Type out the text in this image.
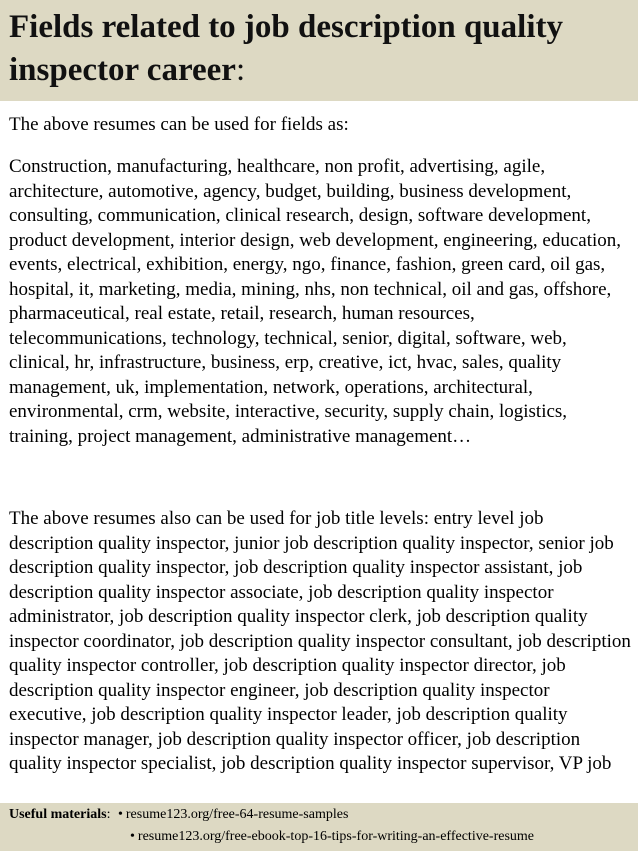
Fields related to job description quality inspector career:

The above resumes can be used for fields as:

Construction, manufacturing, healthcare, non profit, advertising, agile, architecture, automotive, agency, budget, building, business development, consulting, communication, clinical research, design, software development, product development, interior design, web development, engineering, education, events, electrical, exhibition, energy, ngo, finance, fashion, green card, oil gas, hospital, it, marketing, media, mining, nhs, non technical, oil and gas, offshore, pharmaceutical, real estate, retail, research, human resources, telecommunications, technology, technical, senior, digital, software, web, clinical, hr, infrastructure, business, erp, creative, ict, hvac, sales, quality management, uk, implementation, network, operations, architectural, environmental, crm, website, interactive, security, supply chain, logistics, training, project management, administrative management…

The above resumes also can be used for job title levels: entry level job description quality inspector, junior job description quality inspector, senior job description quality inspector, job description quality inspector assistant, job description quality inspector associate, job description quality inspector administrator, job description quality inspector clerk, job description quality inspector coordinator, job description quality inspector consultant, job description quality inspector controller, job description quality inspector director, job description quality inspector engineer, job description quality inspector executive, job description quality inspector leader, job description quality inspector manager, job description quality inspector officer, job description quality inspector specialist, job description quality inspector supervisor, VP job

Useful materials: • resume123.org/free-64-resume-samples
• resume123.org/free-ebook-top-16-tips-for-writing-an-effective-resume
